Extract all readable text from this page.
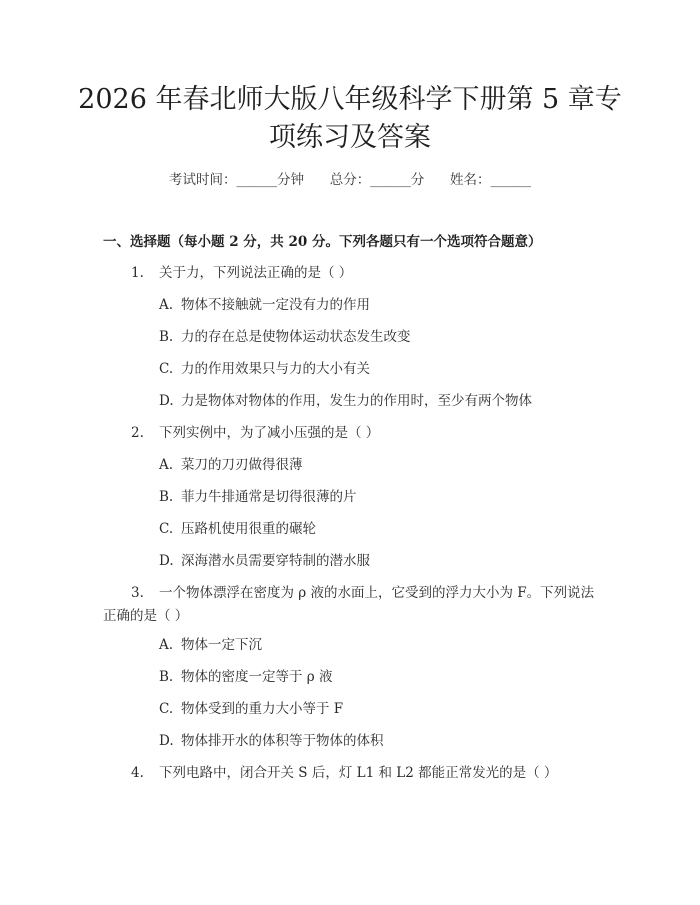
2026 年春北师大版八年级科学下册第 5 章专
项练习及答案
考试时间：______分钟      总分：______分      姓名：______
一、选择题（每小题 2 分，共 20 分。下列各题只有一个选项符合题意）
1. 关于力，下列说法正确的是（ ）
A. 物体不接触就一定没有力的作用
B. 力的存在总是使物体运动状态发生改变
C. 力的作用效果只与力的大小有关
D. 力是物体对物体的作用，发生力的作用时，至少有两个物体
2. 下列实例中，为了减小压强的是（ ）
A. 菜刀的刀刃做得很薄
B. 菲力牛排通常是切得很薄的片
C. 压路机使用很重的碾轮
D. 深海潜水员需要穿特制的潜水服
3. 一个物体漂浮在密度为 ρ 液的水面上，它受到的浮力大小为 F。下列说法
正确的是（ ）
A. 物体一定下沉
B. 物体的密度一定等于 ρ 液
C. 物体受到的重力大小等于 F
D. 物体排开水的体积等于物体的体积
4. 下列电路中，闭合开关 S 后，灯 L1 和 L2 都能正常发光的是（ ）
